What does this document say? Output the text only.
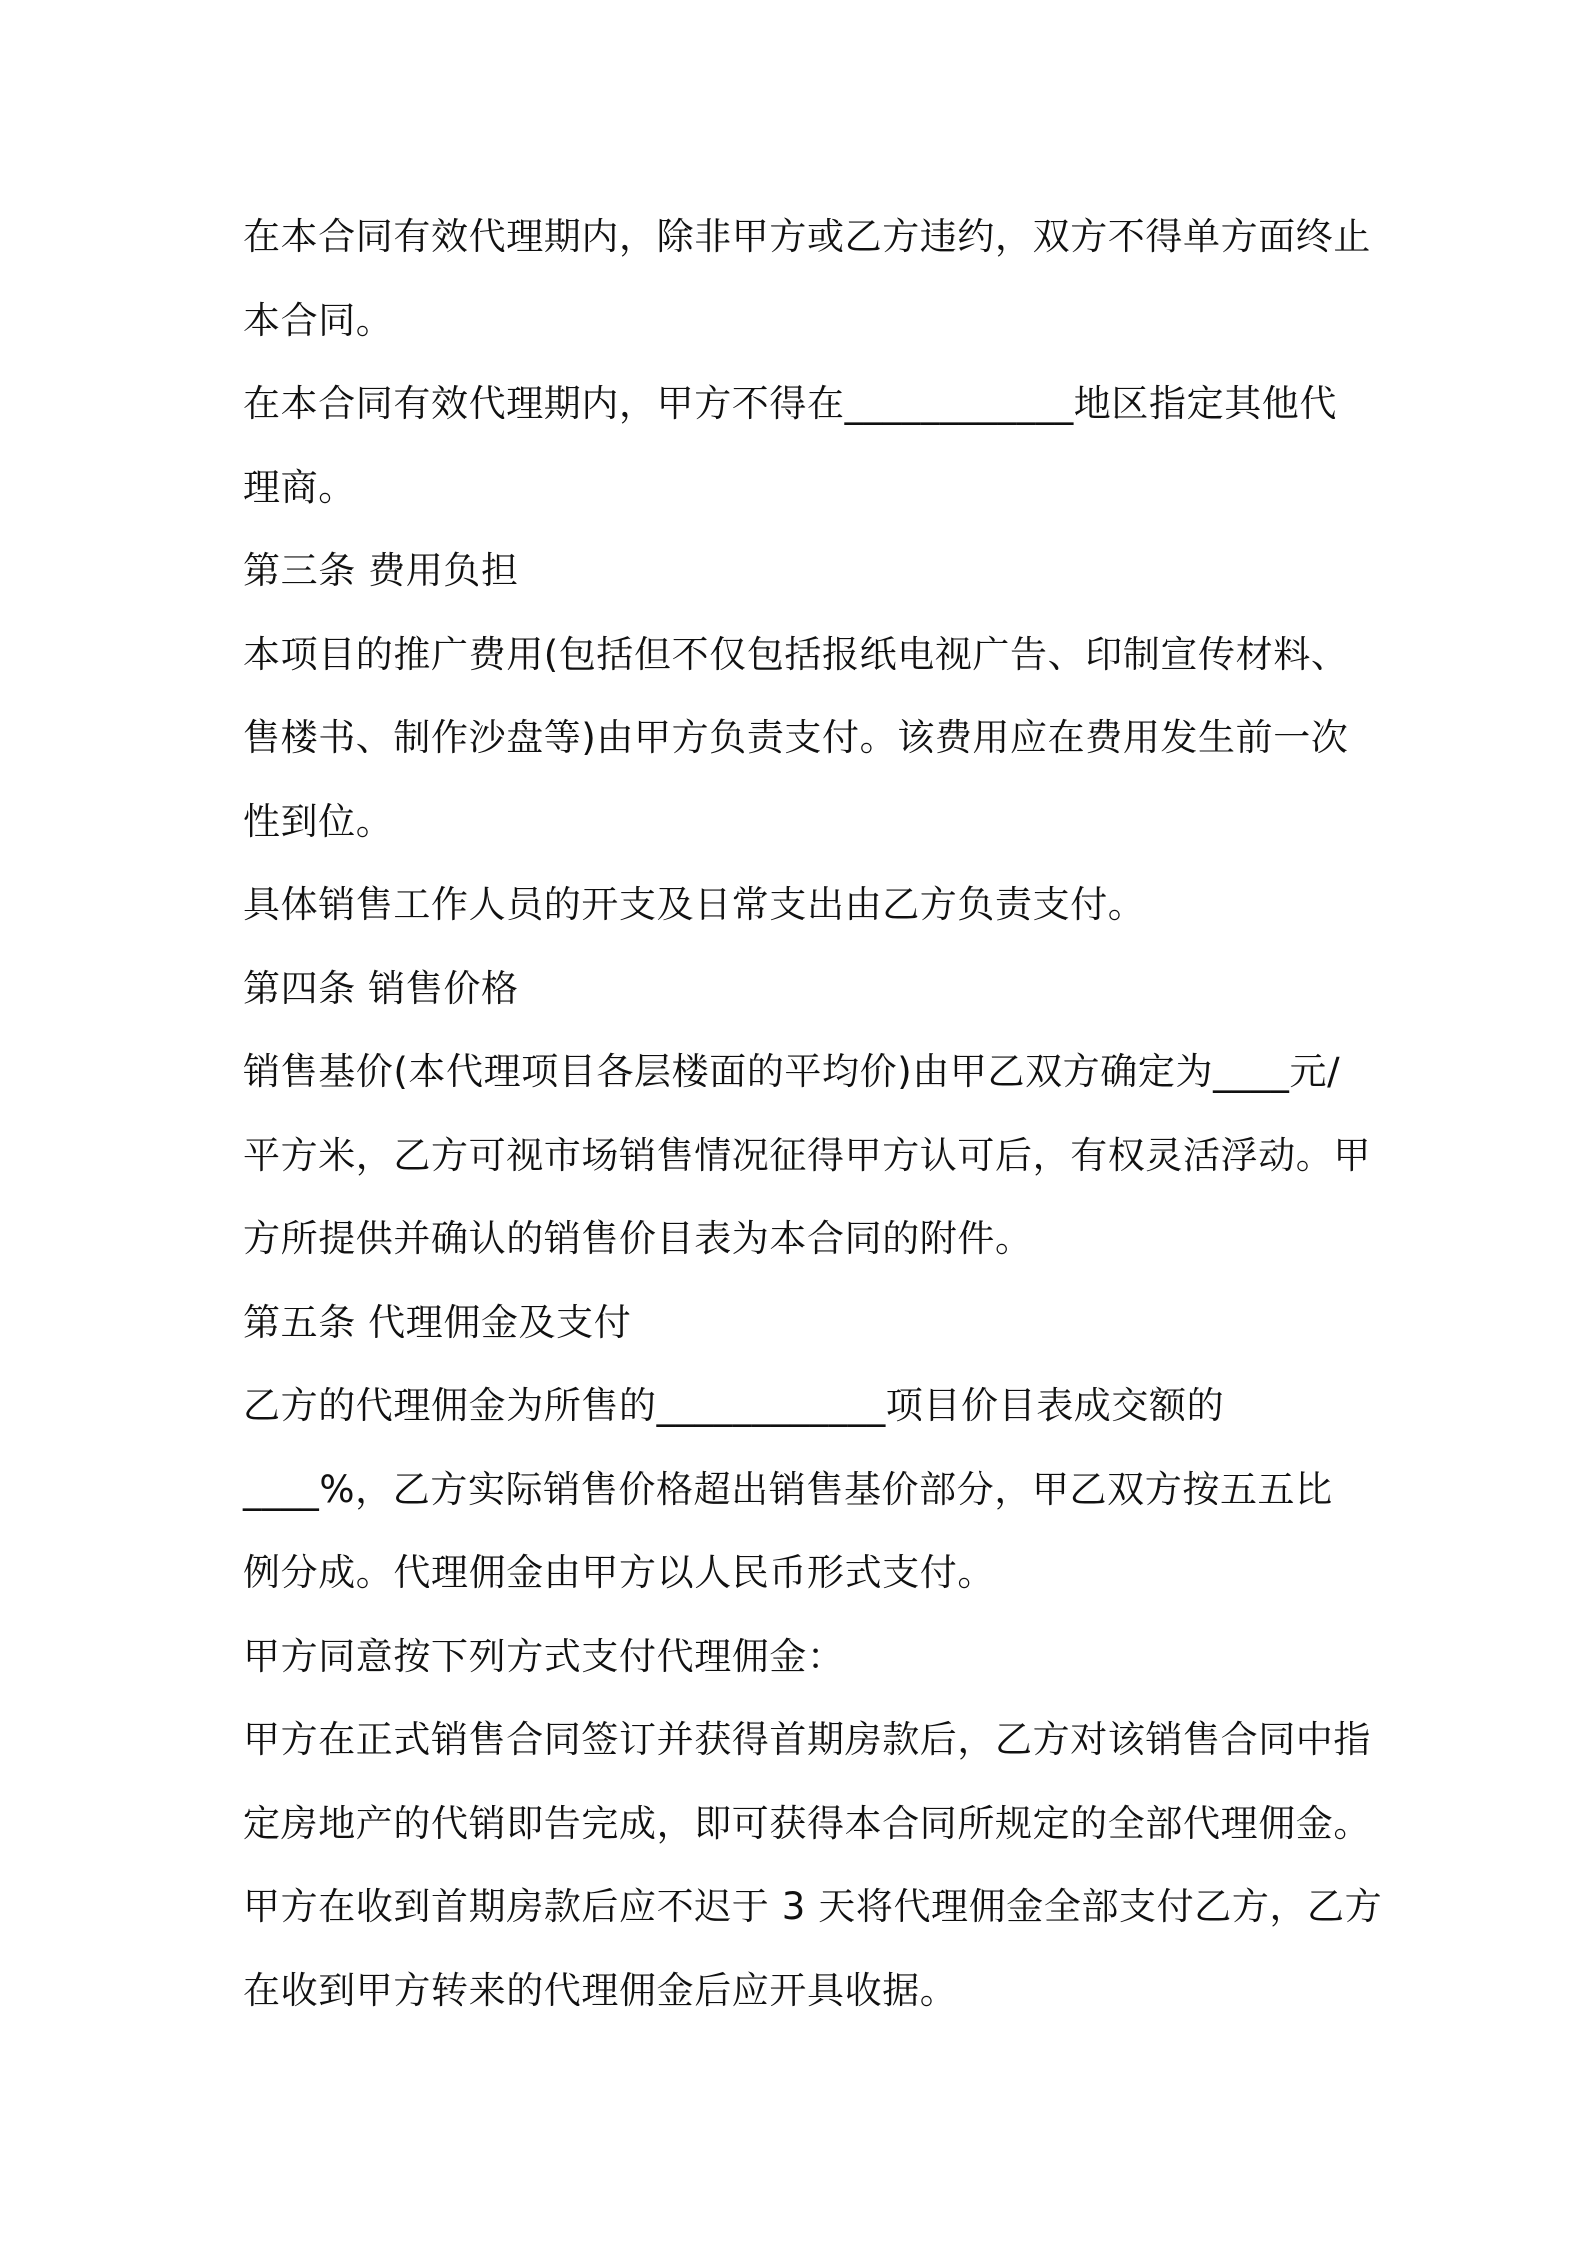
在本合同有效代理期内，除非甲方或乙方违约，双方不得单方面终止
本合同。

在本合同有效代理期内，甲方不得在____________地区指定其他代
理商。

第三条 费用负担

本项目的推广费用(包括但不仅包括报纸电视广告、印制宣传材料、
售楼书、制作沙盘等)由甲方负责支付。该费用应在费用发生前一次
性到位。

具体销售工作人员的开支及日常支出由乙方负责支付。

第四条 销售价格

销售基价(本代理项目各层楼面的平均价)由甲乙双方确定为____元/
平方米，乙方可视市场销售情况征得甲方认可后，有权灵活浮动。甲
方所提供并确认的销售价目表为本合同的附件。

第五条 代理佣金及支付

乙方的代理佣金为所售的____________项目价目表成交额的
____%，乙方实际销售价格超出销售基价部分，甲乙双方按五五比
例分成。代理佣金由甲方以人民币形式支付。

甲方同意按下列方式支付代理佣金：

甲方在正式销售合同签订并获得首期房款后，乙方对该销售合同中指
定房地产的代销即告完成，即可获得本合同所规定的全部代理佣金。
甲方在收到首期房款后应不迟于 3 天将代理佣金全部支付乙方，乙方
在收到甲方转来的代理佣金后应开具收据。
